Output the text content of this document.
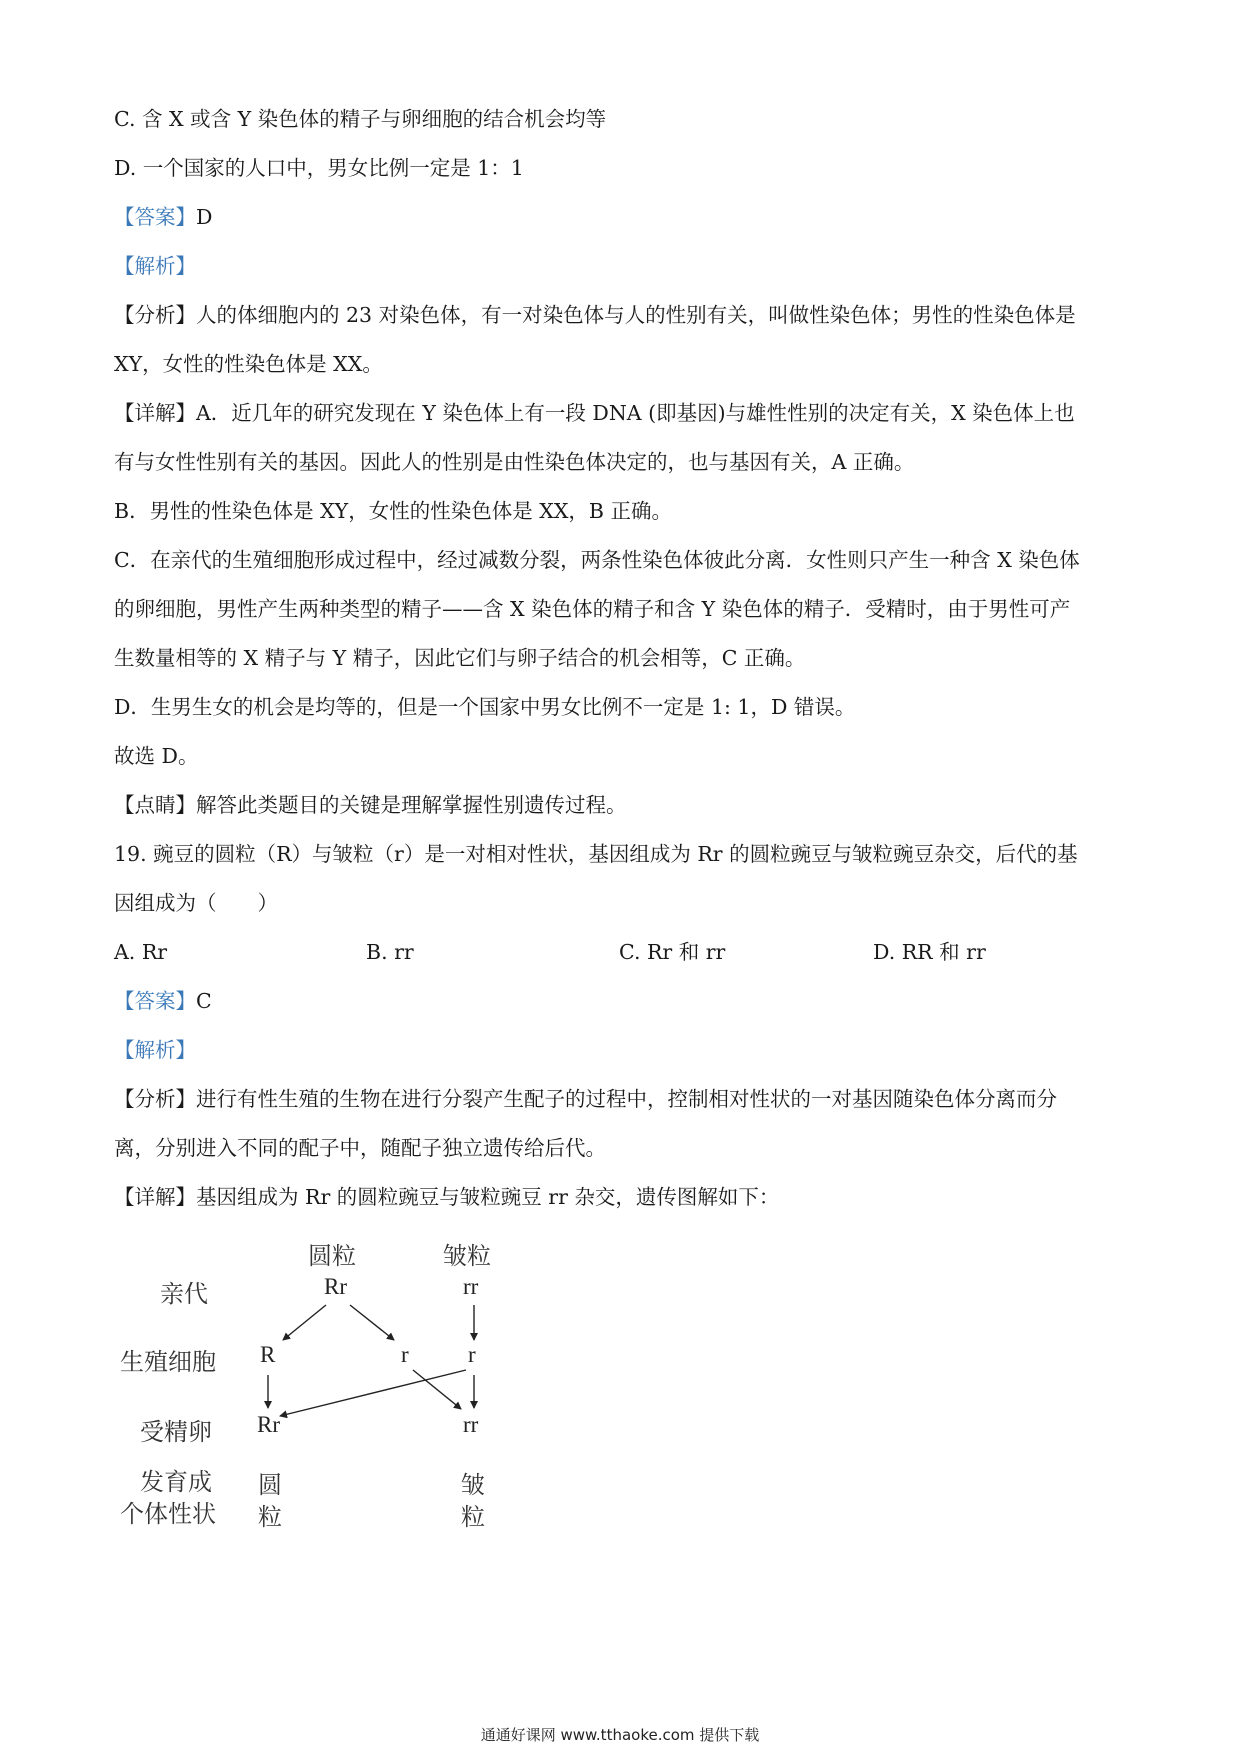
C. 含 X 或含 Y 染色体的精子与卵细胞的结合机会均等
D. 一个国家的人口中，男女比例一定是 1：1
【答案】D
【解析】
【分析】人的体细胞内的 23 对染色体，有一对染色体与人的性别有关，叫做性染色体；男性的性染色体是
XY，女性的性染色体是 XX。
【详解】A．近几年的研究发现在 Y 染色体上有一段 DNA (即基因)与雄性性别的决定有关，X 染色体上也
有与女性性别有关的基因。因此人的性别是由性染色体决定的，也与基因有关，A 正确。
B．男性的性染色体是 XY，女性的性染色体是 XX，B 正确。
C．在亲代的生殖细胞形成过程中，经过减数分裂，两条性染色体彼此分离．女性则只产生一种含 X 染色体
的卵细胞，男性产生两种类型的精子——含 X 染色体的精子和含 Y 染色体的精子．受精时，由于男性可产
生数量相等的 X 精子与 Y 精子，因此它们与卵子结合的机会相等，C 正确。
D．生男生女的机会是均等的，但是一个国家中男女比例不一定是 1: 1，D 错误。
故选 D。
【点睛】解答此类题目的关键是理解掌握性别遗传过程。
19. 豌豆的圆粒（R）与皱粒（r）是一对相对性状，基因组成为 Rr 的圆粒豌豆与皱粒豌豆杂交，后代的基
因组成为（　　）
A. Rr	B. rr	C. Rr 和 rr	D. RR 和 rr
【答案】C
【解析】
【分析】进行有性生殖的生物在进行分裂产生配子的过程中，控制相对性状的一对基因随染色体分离而分
离，分别进入不同的配子中，随配子独立遗传给后代。
【详解】基因组成为 Rr 的圆粒豌豆与皱粒豌豆 rr 杂交，遗传图解如下：
圆粒	皱粒
亲代	Rr	rr
生殖细胞 R	r	r
受精卵 Rr	rr
发育成
个体性状
圆
粒
皱
粒
通通好课网 www.tthaoke.com 提供下载
